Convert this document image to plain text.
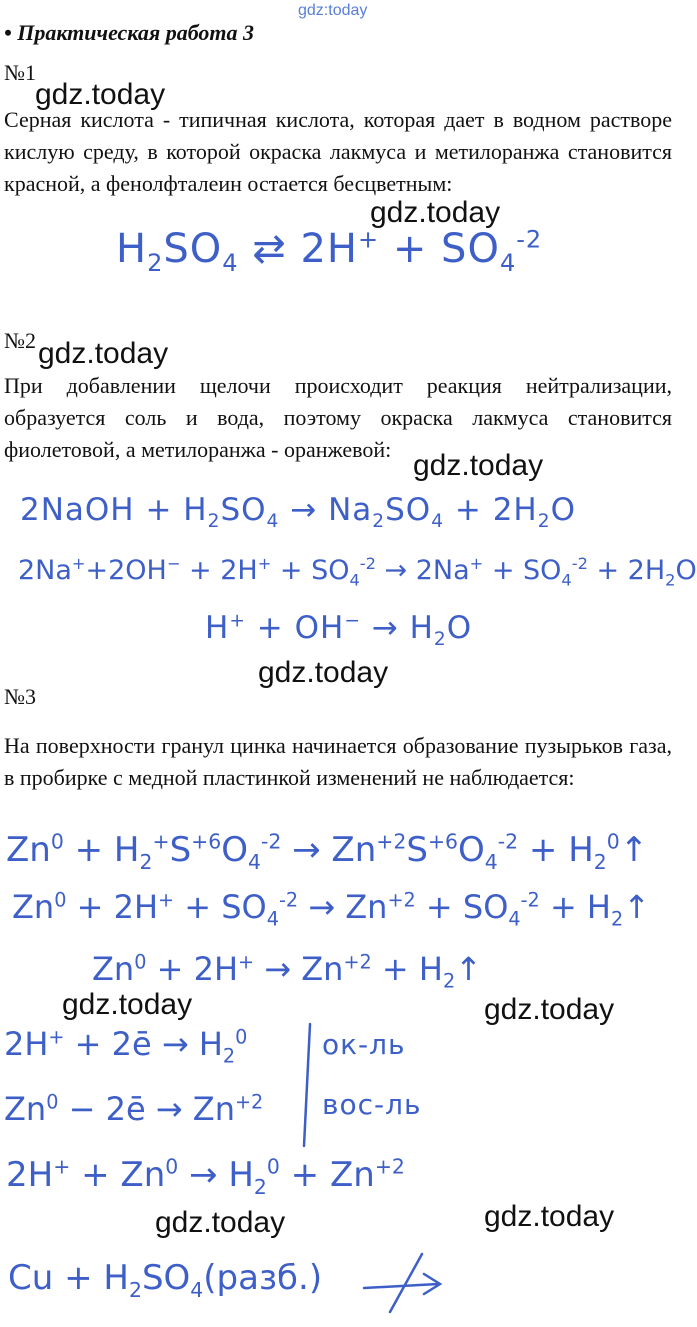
gdz:today
gdz.today
gdz.today
gdz.today
gdz.today
gdz.today
gdz.today	gdz.today
gdz.today	gdz.today
• Практическая работа 3
№1
Серная кислота - типичная кислота, которая дает в водном растворе кислую среду, в которой окраска лакмуса и метилоранжа становится красной, а фенолфталеин остается бесцветным:
$H_2SO_4$ ⇄ $2H^+ + SO_4^{-2}$
№2
При добавлении щелочи происходит реакция нейтрализации, образуется соль и вода, поэтому окраска лакмуса становится фиолетовой, а метилоранжа - оранжевой:
2NaOH + $H_2SO_4 \to Na_2SO_4 + 2H_2O$
$2Na^++2OH^- + 2H^+ + SO_4^{-2} \to 2Na^+ + SO_4^{-2} + 2H_2O$
$H^+ + OH^- \to H_2O$
№3
На поверхности гранул цинка начинается образование пузырьков газа, в пробирке с медной пластинкой изменений не наблюдается:
$Zn^0 + H_2^+S^{+6}O_4^{-2} \to Zn^{+2}S^{+6}O_4^{-2}$ + $H_2^0↑$
$Zn^0 + 2H^+ + SO_4^{-2} \to Zn^{+2} + SO_4^{-2}$ + $H_2↑$
$Zn^0 + 2H^+ \to Zn^{+2}$ + $H_2↑$
2H+ + 2ē → $H_2^0$
$Zn^0$ − 2ē → $Zn^{+2}$
ок-ль
вос-ль
$2H^+ + Zn^0 \to H_2^0 + Zn^{+2}$
$Cu + H_2SO_4(разб.)$
